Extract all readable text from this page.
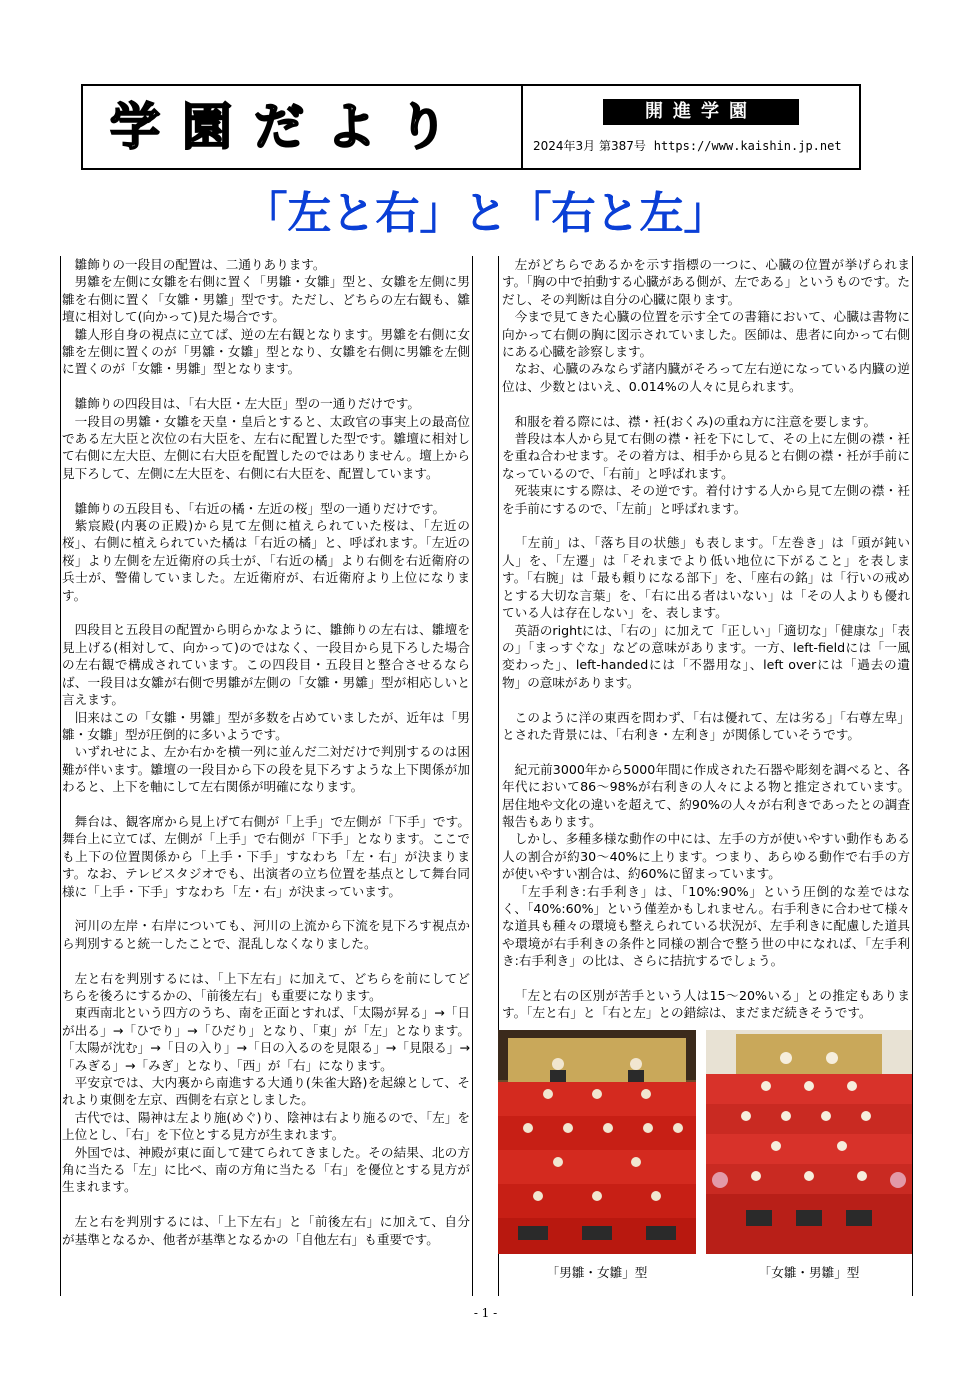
学園だより	開進学園
2024年3月 第387号 https://www.kaishin.jp.net
「左と右」と「右と左」

雛飾りの一段目の配置は、二通りあります。

男雛を左側に女雛を右側に置く「男雛・女雛」型と、女雛を左側に男雛を右側に置く「女雛・男雛」型です。ただし、どちらの左右観も、雛壇に相対して(向かって)見た場合です。

雛人形自身の視点に立てば、逆の左右観となります。男雛を右側に女雛を左側に置くのが「男雛・女雛」型となり、女雛を右側に男雛を左側に置くのが「女雛・男雛」型となります。

雛飾りの四段目は、「右大臣・左大臣」型の一通りだけです。

一段目の男雛・女雛を天皇・皇后とすると、太政官の事実上の最高位である左大臣と次位の右大臣を、左右に配置した型です。雛壇に相対して右側に左大臣、左側に右大臣を配置したのではありません。壇上から見下ろして、左側に左大臣を、右側に右大臣を、配置しています。

雛飾りの五段目も、「右近の橘・左近の桜」型の一通りだけです。

紫宸殿(内裏の正殿)から見て左側に植えられていた桜は、「左近の桜」、右側に植えられていた橘は「右近の橘」と、呼ばれます。「左近の桜」より左側を左近衛府の兵士が、「右近の橘」より右側を右近衛府の兵士が、警備していました。左近衛府が、右近衛府より上位になります。

四段目と五段目の配置から明らかなように、雛飾りの左右は、雛壇を見上げる(相対して、向かって)のではなく、一段目から見下ろした場合の左右観で構成されています。この四段目・五段目と整合させるならば、一段目は女雛が右側で男雛が左側の「女雛・男雛」型が相応しいと言えます。

旧来はこの「女雛・男雛」型が多数を占めていましたが、近年は「男雛・女雛」型が圧倒的に多いようです。

いずれせによ、左か右かを横一列に並んだ二対だけで判別するのは困難が伴います。雛壇の一段目から下の段を見下ろすような上下関係が加わると、上下を軸にして左右関係が明確になります。

舞台は、観客席から見上げて右側が「上手」で左側が「下手」です。舞台上に立てば、左側が「上手」で右側が「下手」となります。ここでも上下の位置関係から「上手・下手」すなわち「左・右」が決まります。なお、テレビスタジオでも、出演者の立ち位置を基点として舞台同様に「上手・下手」すなわち「左・右」が決まっています。

河川の左岸・右岸についても、河川の上流から下流を見下ろす視点から判別すると統一したことで、混乱しなくなりました。

左と右を判別するには、「上下左右」に加えて、どちらを前にしてどちらを後ろにするかの、「前後左右」も重要になります。

東西南北という四方のうち、南を正面とすれば、「太陽が昇る」→「日が出る」→「ひでり」→「ひだり」となり、「東」が「左」となります。「太陽が沈む」→「日の入り」→「日の入るのを見限る」→「見限る」→「みぎる」→「みぎ」となり、「西」が「右」になります。

平安京では、大内裏から南進する大通り(朱雀大路)を起線として、それより東側を左京、西側を右京としました。

古代では、陽神は左より施(めぐ)り、陰神は右より施るので、「左」を上位とし、「右」を下位とする見方が生まれます。

外国では、神殿が東に面して建てられてきました。その結果、北の方角に当たる「左」に比べ、南の方角に当たる「右」を優位とする見方が生まれます。

左と右を判別するには、「上下左右」と「前後左右」に加えて、自分が基準となるか、他者が基準となるかの「自他左右」も重要です。

左がどちらであるかを示す指標の一つに、心臓の位置が挙げられます。「胸の中で拍動する心臓がある側が、左である」というものです。ただし、その判断は自分の心臓に限ります。

今まで見てきた心臓の位置を示す全ての書籍において、心臓は書物に向かって右側の胸に図示されていました。医師は、患者に向かって右側にある心臓を診察します。

なお、心臓のみならず諸内臓がそろって左右逆になっている内臓の逆位は、少数とはいえ、0.014%の人々に見られます。

和服を着る際には、襟・衽(おくみ)の重ね方に注意を要します。

普段は本人から見て右側の襟・衽を下にして、その上に左側の襟・衽を重ね合わせます。その着方は、相手から見ると右側の襟・衽が手前になっているので、「右前」と呼ばれます。

死装束にする際は、その逆です。着付けする人から見て左側の襟・衽を手前にするので、「左前」と呼ばれます。

「左前」は、「落ち目の状態」も表します。「左巻き」は「頭が鈍い人」を、「左遷」は「それまでより低い地位に下がること」を表します。「右腕」は「最も頼りになる部下」を、「座右の銘」は「行いの戒めとする大切な言葉」を、「右に出る者はいない」は「その人よりも優れている人は存在しない」を、表します。

英語のrightには、「右の」に加えて「正しい」「適切な」「健康な」「表の」「まっすぐな」などの意味があります。一方、left-fieldには「一風変わった」、left-handedには「不器用な」、left overには「過去の遺物」の意味があります。

このように洋の東西を問わず、「右は優れて、左は劣る」「右尊左卑」とされた背景には、「右利き・左利き」が関係していそうです。

紀元前3000年から5000年間に作成された石器や彫刻を調べると、各年代において86～98%が右利きの人々による物と推定されています。居住地や文化の違いを超えて、約90%の人々が右利きであったとの調査報告もあります。

しかし、多種多様な動作の中には、左手の方が使いやすい動作もある人の割合が約30～40%に上ります。つまり、あらゆる動作で右手の方が使いやすい割合は、約60%に留まっています。

「左手利き:右手利き」は、「10%:90%」という圧倒的な差ではなく、「40%:60%」という僅差かもしれません。右手利きに合わせて様々な道具も種々の環境も整えられている状況が、左手利きに配慮した道具や環境が右手利きの条件と同様の割合で整う世の中になれば、「左手利き:右手利き」の比は、さらに拮抗するでしょう。

「左と右の区別が苦手という人は15～20%いる」との推定もあります。「左と右」と「右と左」との錯綜は、まだまだ続きそうです。

「男雛・女雛」型	「女雛・男雛」型
- 1 -
